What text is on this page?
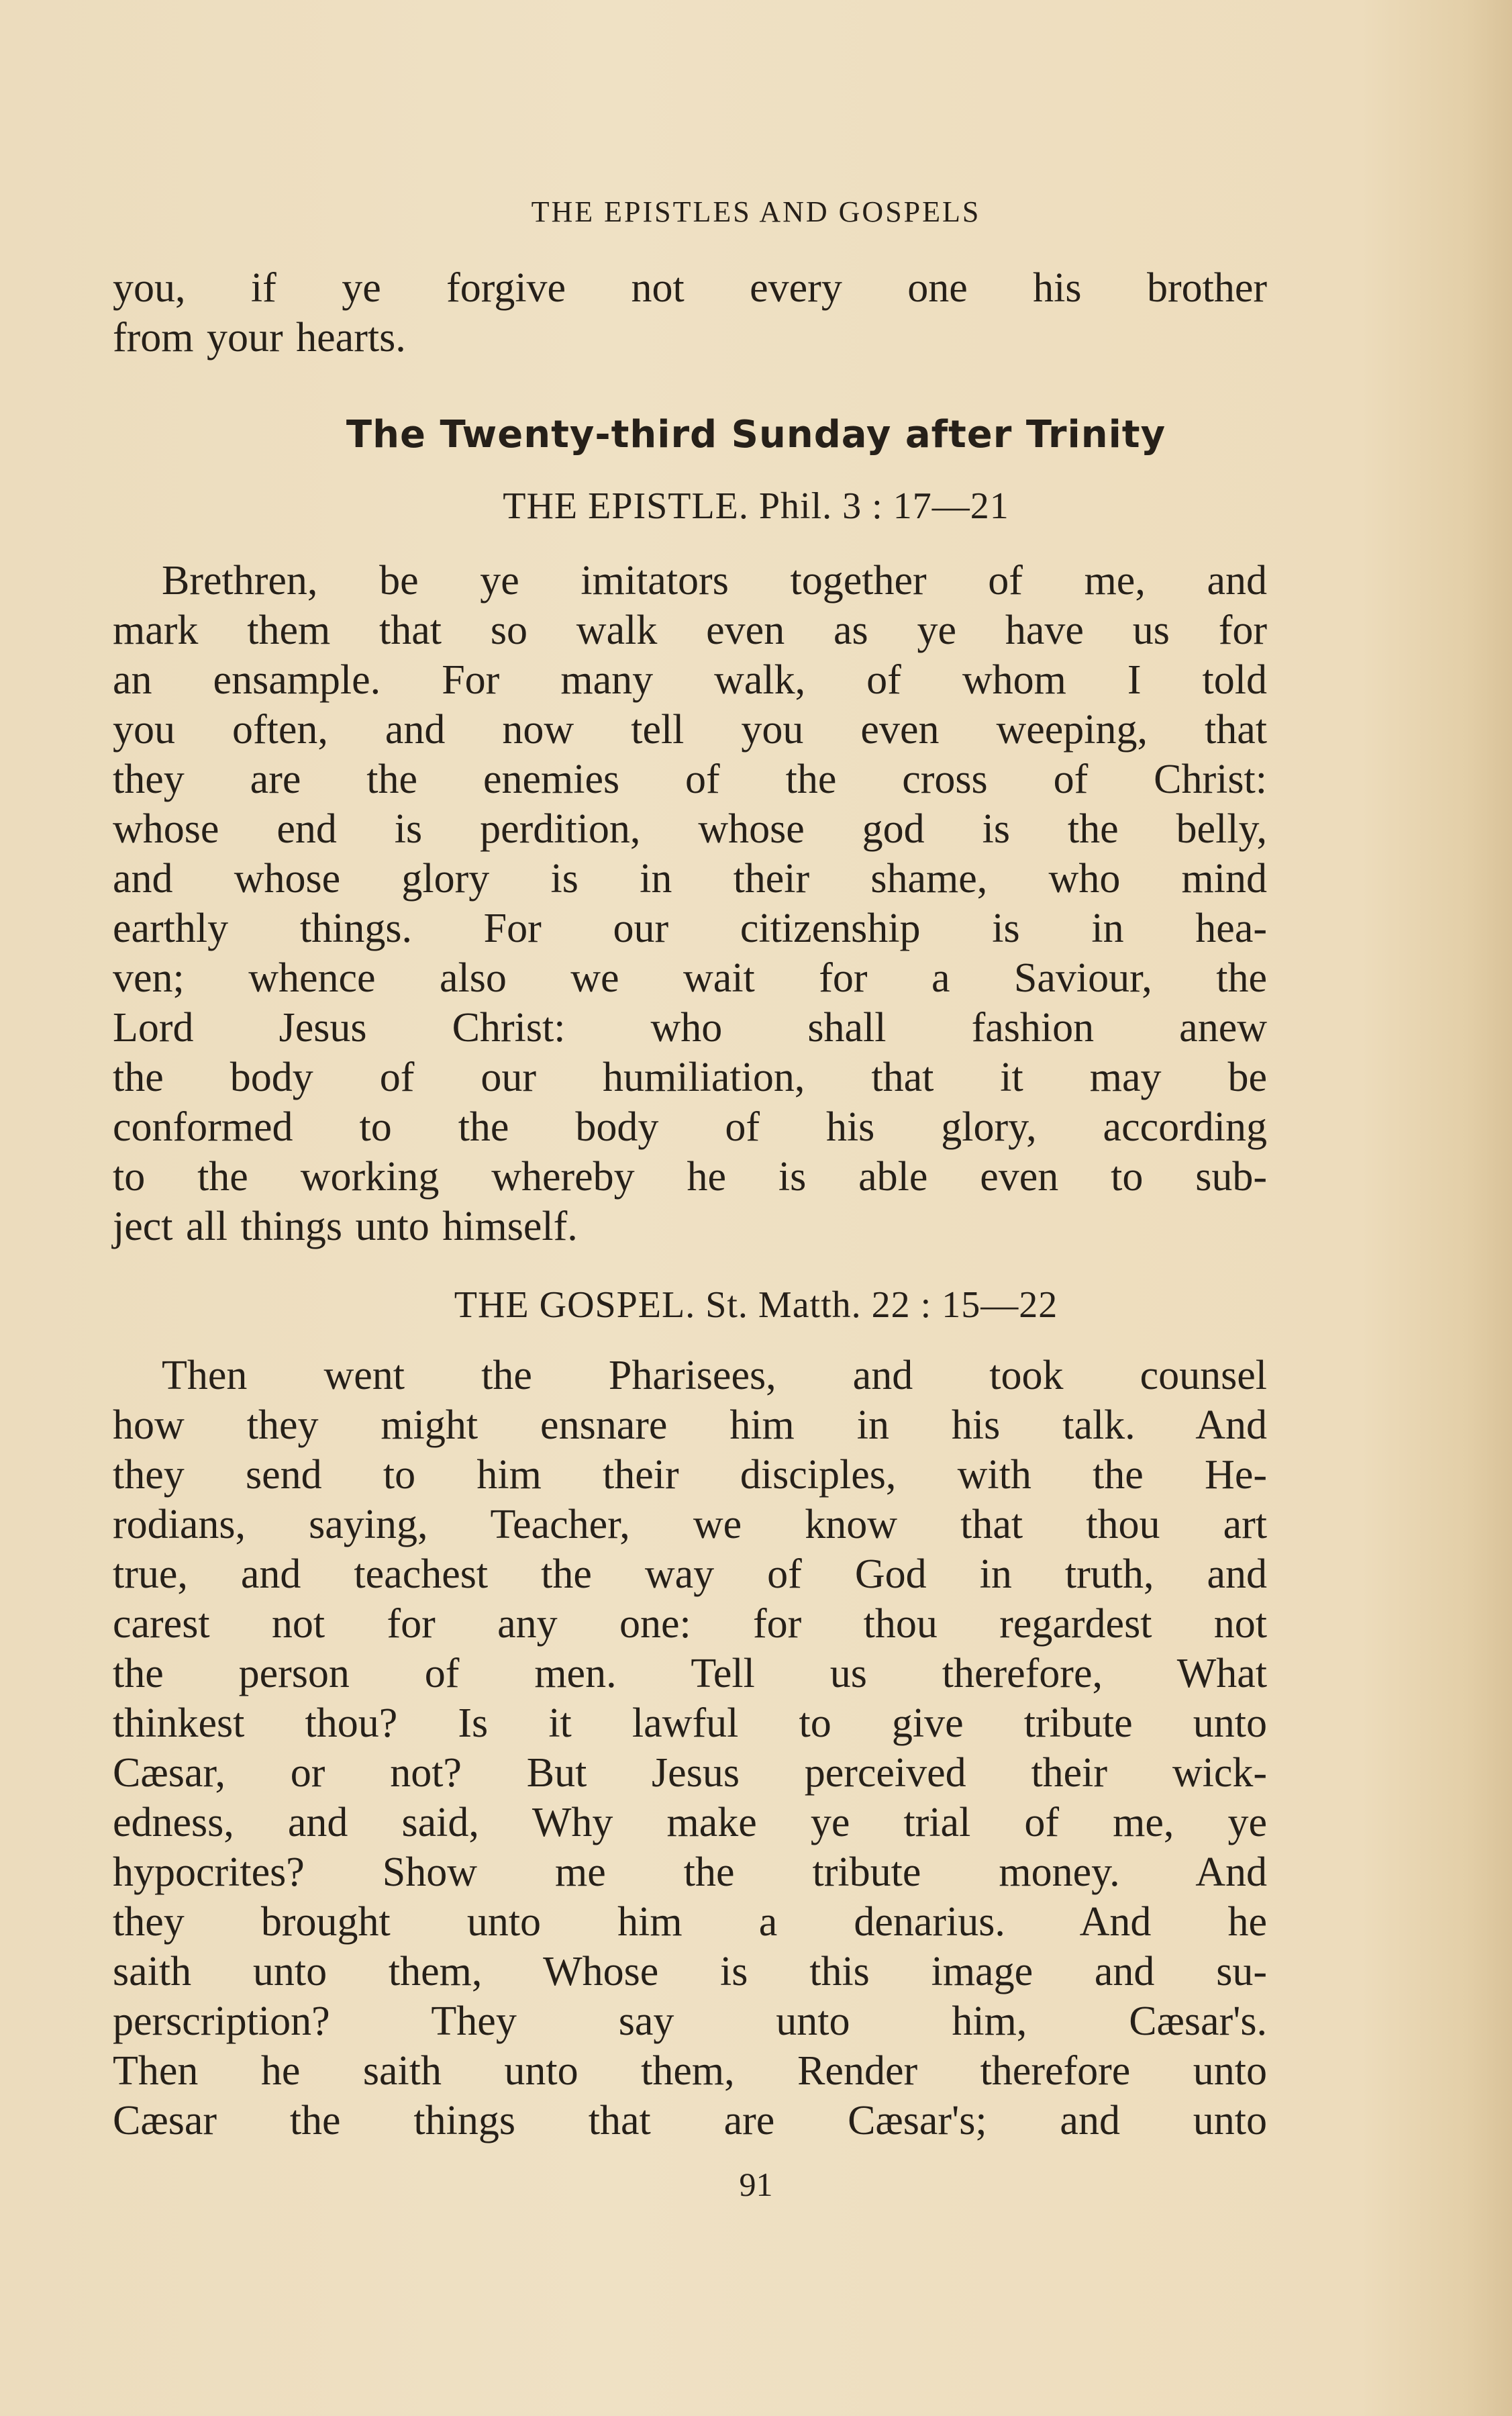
THE EPISTLES AND GOSPELS
you, if ye forgive not every one his brother
from your hearts.
The Twenty-third Sunday after Trinity
THE EPISTLE. Phil. 3 : 17—21
Brethren, be ye imitators together of me, and
mark them that so walk even as ye have us for
an ensample. For many walk, of whom I told
you often, and now tell you even weeping, that
they are the enemies of the cross of Christ:
whose end is perdition, whose god is the belly,
and whose glory is in their shame, who mind
earthly things. For our citizenship is in hea-
ven; whence also we wait for a Saviour, the
Lord Jesus Christ: who shall fashion anew
the body of our humiliation, that it may be
conformed to the body of his glory, according
to the working whereby he is able even to sub-
ject all things unto himself.
THE GOSPEL. St. Matth. 22 : 15—22
Then went the Pharisees, and took counsel
how they might ensnare him in his talk. And
they send to him their disciples, with the He-
rodians, saying, Teacher, we know that thou art
true, and teachest the way of God in truth, and
carest not for any one: for thou regardest not
the person of men. Tell us therefore, What
thinkest thou? Is it lawful to give tribute unto
Cæsar, or not? But Jesus perceived their wick-
edness, and said, Why make ye trial of me, ye
hypocrites? Show me the tribute money. And
they brought unto him a denarius. And he
saith unto them, Whose is this image and su-
perscription? They say unto him, Cæsar's.
Then he saith unto them, Render therefore unto
Cæsar the things that are Cæsar's; and unto
91
